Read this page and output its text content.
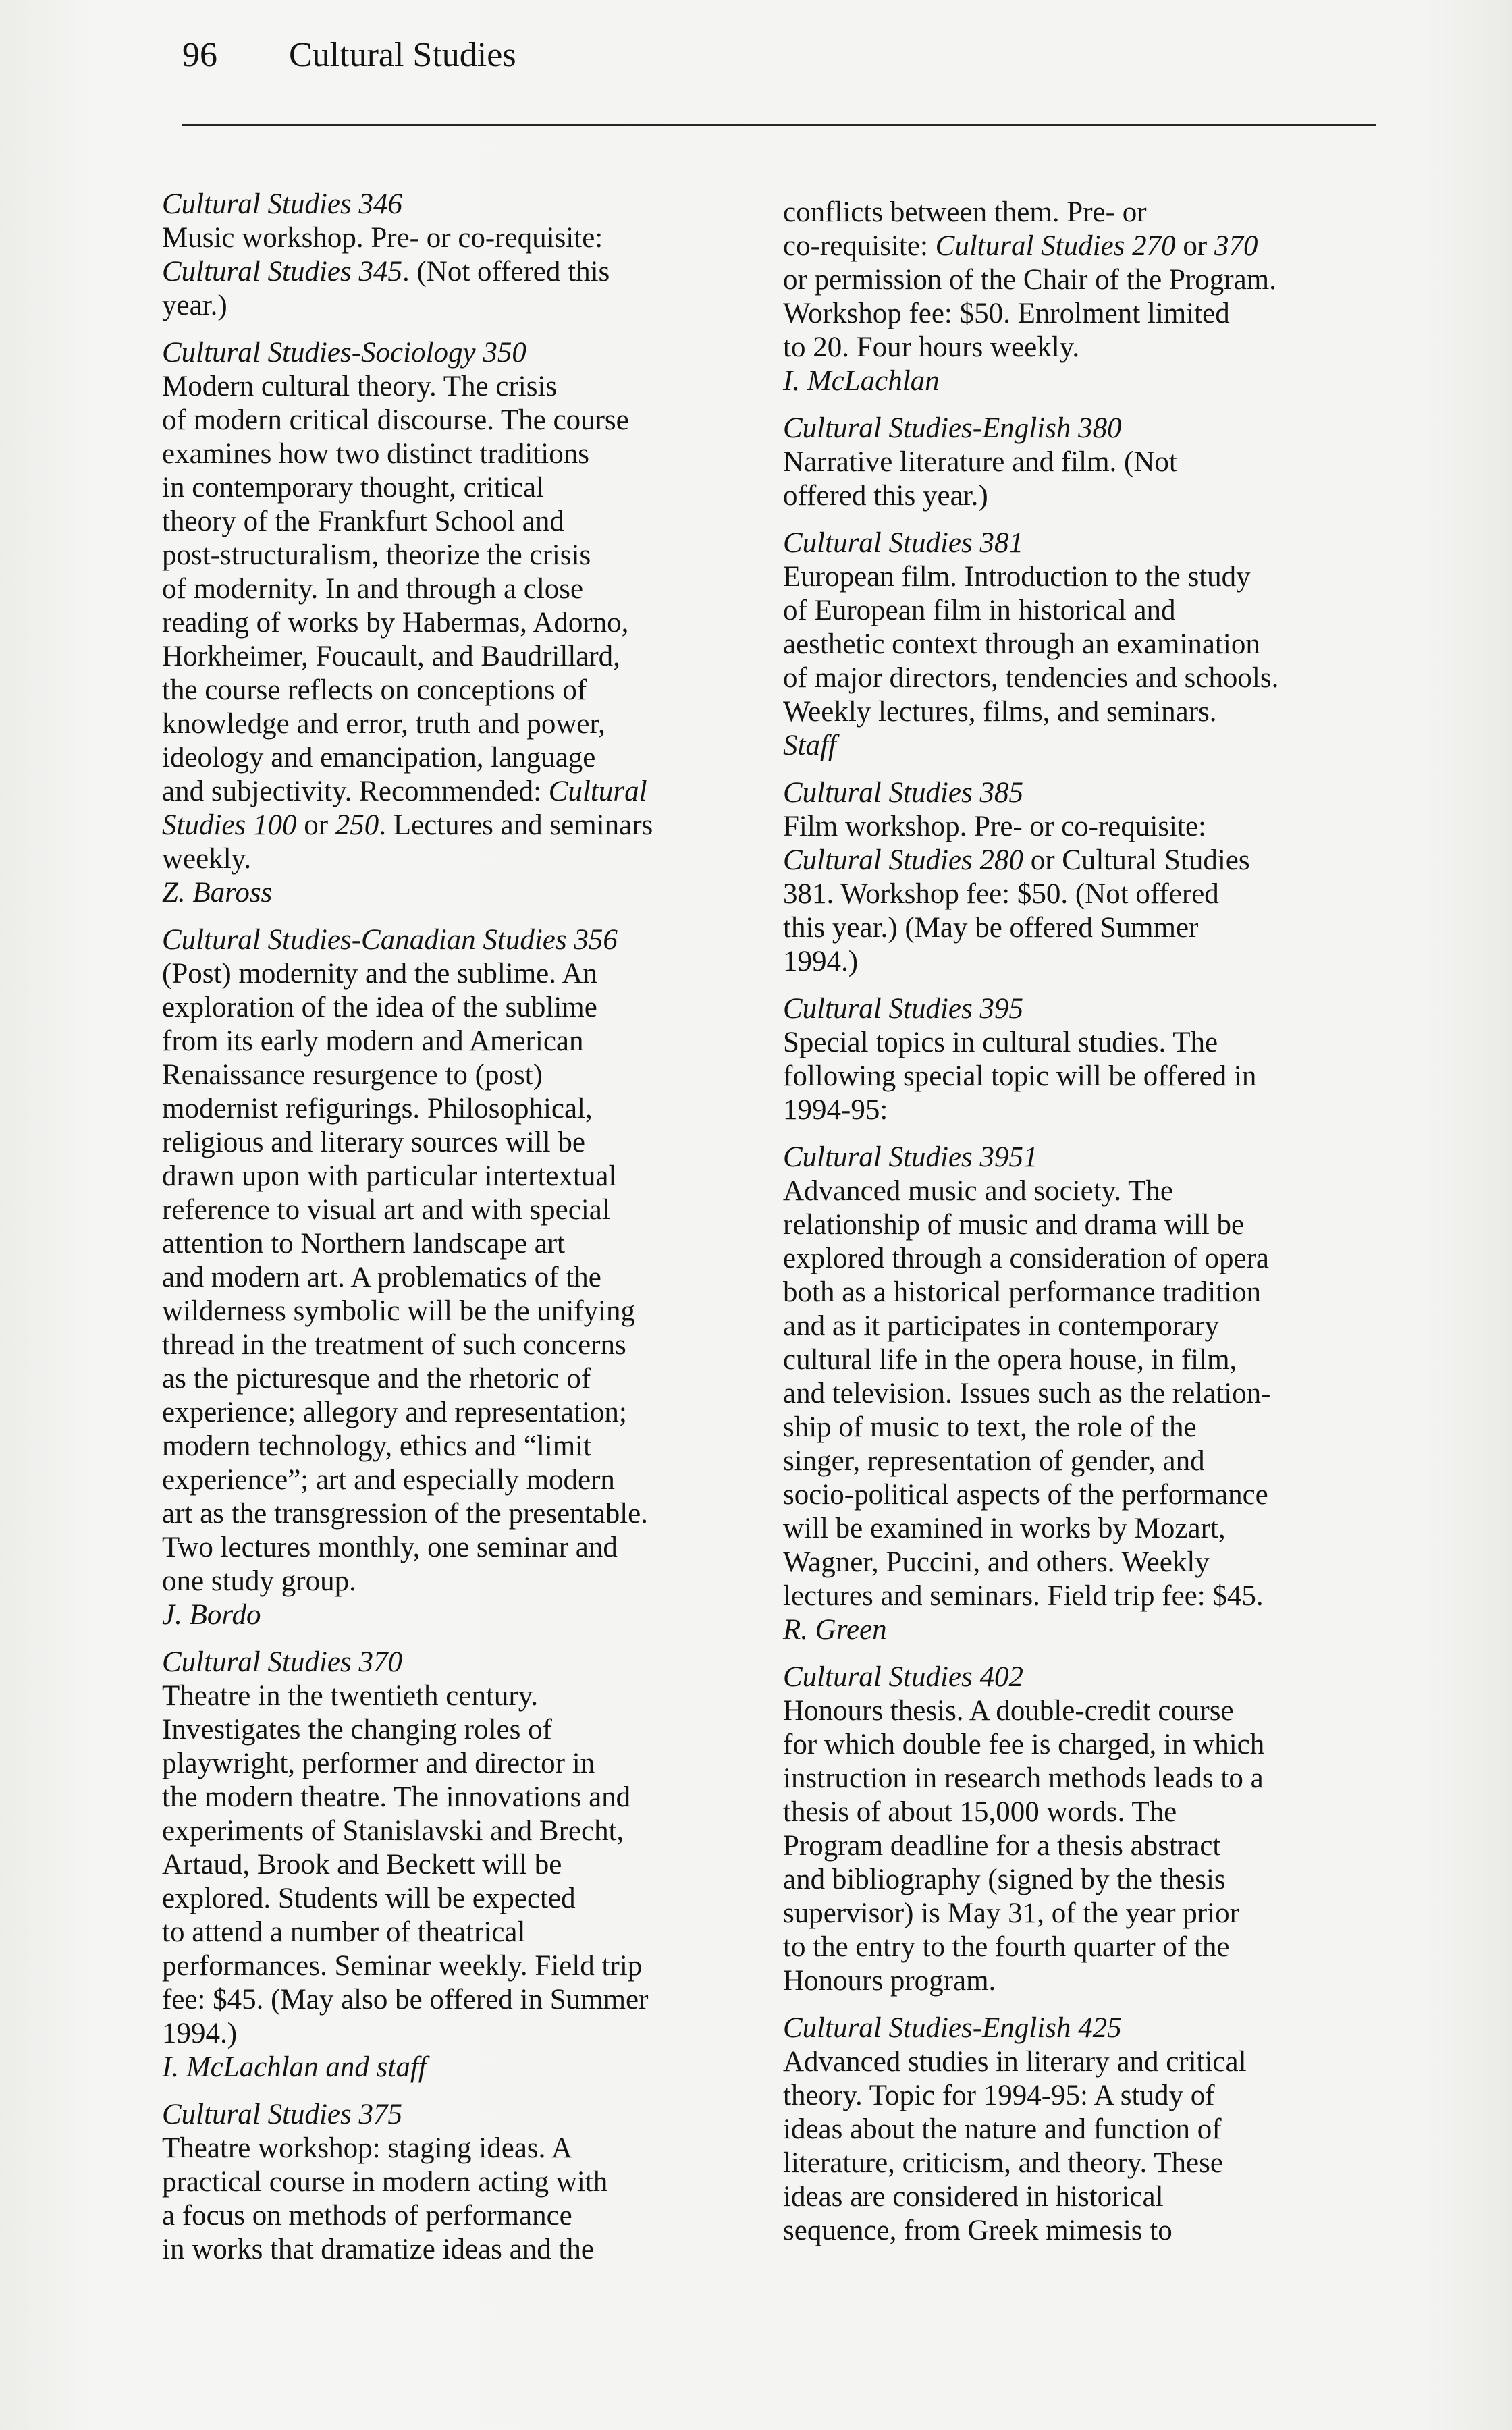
96	Cultural Studies
Cultural Studies 346
Music workshop. Pre- or co-requisite:
Cultural Studies 345. (Not offered this
year.)
Cultural Studies-Sociology 350
Modern cultural theory. The crisis
of modern critical discourse. The course
examines how two distinct traditions
in contemporary thought, critical
theory of the Frankfurt School and
post-structuralism, theorize the crisis
of modernity. In and through a close
reading of works by Habermas, Adorno,
Horkheimer, Foucault, and Baudrillard,
the course reflects on conceptions of
knowledge and error, truth and power,
ideology and emancipation, language
and subjectivity. Recommended: Cultural
Studies 100 or 250. Lectures and seminars
weekly.
Z. Baross
Cultural Studies-Canadian Studies 356
(Post) modernity and the sublime. An
exploration of the idea of the sublime
from its early modern and American
Renaissance resurgence to (post)
modernist refigurings. Philosophical,
religious and literary sources will be
drawn upon with particular intertextual
reference to visual art and with special
attention to Northern landscape art
and modern art. A problematics of the
wilderness symbolic will be the unifying
thread in the treatment of such concerns
as the picturesque and the rhetoric of
experience; allegory and representation;
modern technology, ethics and “limit
experience”; art and especially modern
art as the transgression of the presentable.
Two lectures monthly, one seminar and
one study group.
J. Bordo
Cultural Studies 370
Theatre in the twentieth century.
Investigates the changing roles of
playwright, performer and director in
the modern theatre. The innovations and
experiments of Stanislavski and Brecht,
Artaud, Brook and Beckett will be
explored. Students will be expected
to attend a number of theatrical
performances. Seminar weekly. Field trip
fee: $45. (May also be offered in Summer
1994.)
I. McLachlan and staff
Cultural Studies 375
Theatre workshop: staging ideas. A
practical course in modern acting with
a focus on methods of performance
in works that dramatize ideas and the
conflicts between them. Pre- or
co-requisite: Cultural Studies 270 or 370
or permission of the Chair of the Program.
Workshop fee: $50. Enrolment limited
to 20. Four hours weekly.
I. McLachlan
Cultural Studies-English 380
Narrative literature and film. (Not
offered this year.)
Cultural Studies 381
European film. Introduction to the study
of European film in historical and
aesthetic context through an examination
of major directors, tendencies and schools.
Weekly lectures, films, and seminars.
Staff
Cultural Studies 385
Film workshop. Pre- or co-requisite:
Cultural Studies 280 or Cultural Studies
381. Workshop fee: $50. (Not offered
this year.) (May be offered Summer
1994.)
Cultural Studies 395
Special topics in cultural studies. The
following special topic will be offered in
1994-95:
Cultural Studies 3951
Advanced music and society. The
relationship of music and drama will be
explored through a consideration of opera
both as a historical performance tradition
and as it participates in contemporary
cultural life in the opera house, in film,
and television. Issues such as the relation-
ship of music to text, the role of the
singer, representation of gender, and
socio-political aspects of the performance
will be examined in works by Mozart,
Wagner, Puccini, and others. Weekly
lectures and seminars. Field trip fee: $45.
R. Green
Cultural Studies 402
Honours thesis. A double-credit course
for which double fee is charged, in which
instruction in research methods leads to a
thesis of about 15,000 words. The
Program deadline for a thesis abstract
and bibliography (signed by the thesis
supervisor) is May 31, of the year prior
to the entry to the fourth quarter of the
Honours program.
Cultural Studies-English 425
Advanced studies in literary and critical
theory. Topic for 1994-95: A study of
ideas about the nature and function of
literature, criticism, and theory. These
ideas are considered in historical
sequence, from Greek mimesis to
